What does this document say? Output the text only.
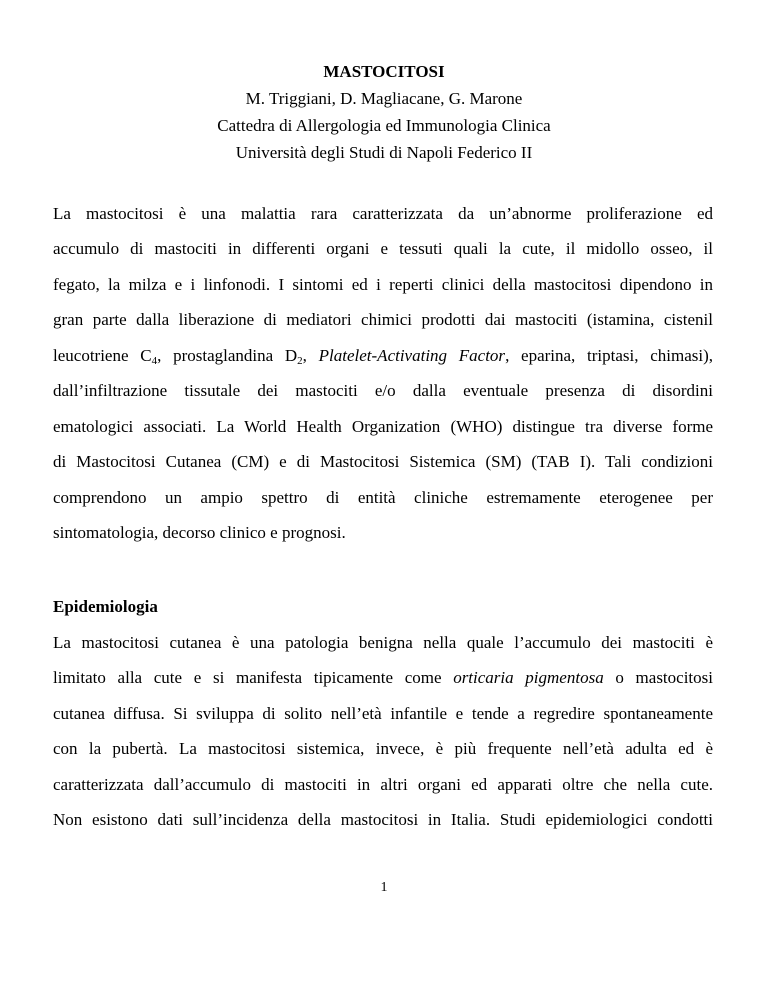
MASTOCITOSI
M. Triggiani, D. Magliacane, G. Marone
Cattedra di Allergologia ed Immunologia Clinica
Università degli Studi di Napoli Federico II
La mastocitosi è una malattia rara caratterizzata da un’abnorme proliferazione ed
accumulo di mastociti in differenti organi e tessuti quali la cute, il midollo osseo, il
fegato, la milza e i linfonodi. I sintomi ed i reperti clinici della mastocitosi dipendono in
gran parte dalla liberazione di mediatori chimici prodotti dai mastociti (istamina, cistenil
leucotriene $C_4$, prostaglandina $D_2$, Platelet-Activating Factor, eparina, triptasi, chimasi),
dall’infiltrazione tissutale dei mastociti e/o dalla eventuale presenza di disordini
ematologici associati. La World Health Organization (WHO) distingue tra diverse forme
di Mastocitosi Cutanea (CM) e di Mastocitosi Sistemica (SM) (TAB I). Tali condizioni
comprendono un ampio spettro di entità cliniche estremamente eterogenee per
sintomatologia, decorso clinico e prognosi.
Epidemiologia
La mastocitosi cutanea è una patologia benigna nella quale l’accumulo dei mastociti è
limitato alla cute e si manifesta tipicamente come orticaria pigmentosa o mastocitosi
cutanea diffusa. Si sviluppa di solito nell’età infantile e tende a regredire spontaneamente
con la pubertà. La mastocitosi sistemica, invece, è più frequente nell’età adulta ed è
caratterizzata dall’accumulo di mastociti in altri organi ed apparati oltre che nella cute.
Non esistono dati sull’incidenza della mastocitosi in Italia. Studi epidemiologici condotti
1
